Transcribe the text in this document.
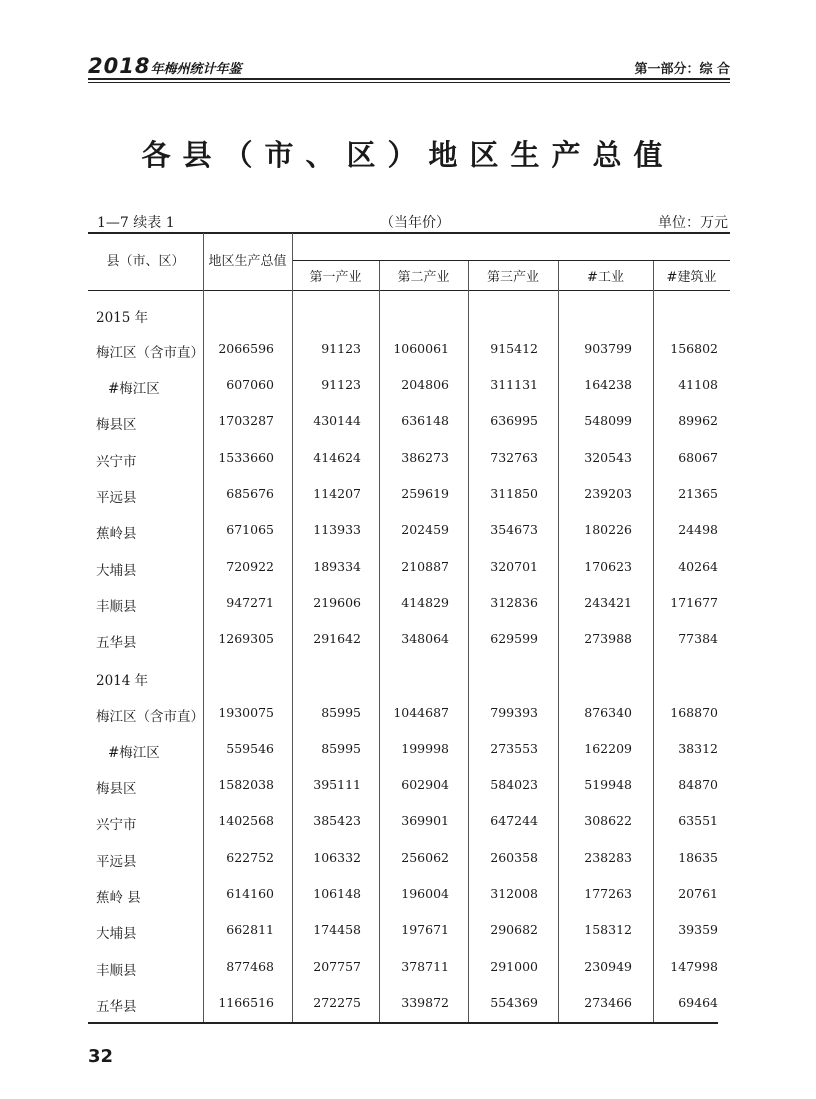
2018年梅州统计年鉴	第一部分：综 合
各县（市、区）地区生产总值
1—7 续表 1	（当年价）	单位：万元
县（市、区）	地区生产总值
第一产业	第二产业	第三产业	#工业	#建筑业
2015 年
梅江区（含市直） 2066596	91123	1060061	915412	903799	156802
#梅江区	607060	91123	204806	311131	164238	41108
梅县区	1703287	430144	636148	636995	548099	89962
兴宁市	1533660	414624	386273	732763	320543	68067
平远县	685676	114207	259619	311850	239203	21365
蕉岭县	671065	113933	202459	354673	180226	24498
大埔县	720922	189334	210887	320701	170623	40264
丰顺县	947271	219606	414829	312836	243421	171677
五华县	1269305	291642	348064	629599	273988	77384
2014 年
梅江区（含市直） 1930075	85995	1044687	799393	876340	168870
#梅江区	559546	85995	199998	273553	162209	38312
梅县区	1582038	395111	602904	584023	519948	84870
兴宁市	1402568	385423	369901	647244	308622	63551
平远县	622752	106332	256062	260358	238283	18635
蕉岭 县	614160	106148	196004	312008	177263	20761
大埔县	662811	174458	197671	290682	158312	39359
丰顺县	877468	207757	378711	291000	230949	147998
五华县	1166516	272275	339872	554369	273466	69464
32
